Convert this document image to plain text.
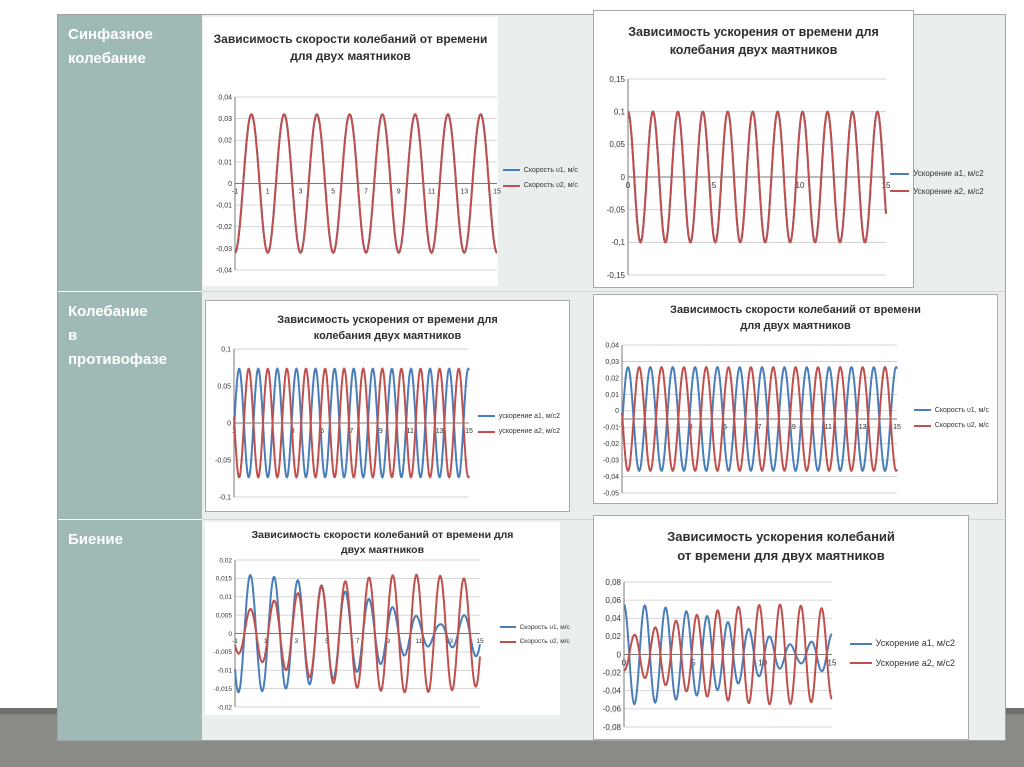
Синфазное
колебание
Колебание
в
противофазе
Биение
0,04
0,03
0,02
0,01
0
-0,01
-0,02
-0,03
-0,04
-1	1	3	5	7	9	11	13	15
Зависимость скорости колебаний от времени
для двух маятников
Скорость υ1, м/с
Скорость υ2, м/с
0,15
0,1
0,05
0
-0,05
-0,1
-0,15
0	5	10	15
Зависимость ускорения от времени для
колебания двух маятников
Ускорение a1, м/с2
Ускорение a2, м/с2
0,1
0,05
0
-0,05
-0,1
1	1	3	5	7	9	11	13	15
Зависимость ускорения от времени для
колебания двух маятников
ускорение a1, м/с2
ускорение a2, м/с2
0,04
0,03
0,02
0,01
0
-0,01
-0,02
-0,03
-0,04
-0,05
-1	1	3	5	7	9	11	13	15
Зависимость скорости колебаний от времени
для двух маятников
Скорость υ1, м/с
Скорость υ2, м/с
0,02
0,015
0,01
0,005
0
-0,005
-0,01
-0,015
-0,02
-1	1	3	5	7	9	11	13	15
Зависимость скорости колебаний от времени для
двух маятников
Скорость υ1, м/с
Скорость υ2, м/с
0,08
0,06
0,04
0,02
0
-0,02
-0,04
-0,06
-0,08
0	5	10	15
Зависимость ускорения колебаний
от времени для двух маятников
Ускорение a1, м/с2
Ускорение a2, м/с2
